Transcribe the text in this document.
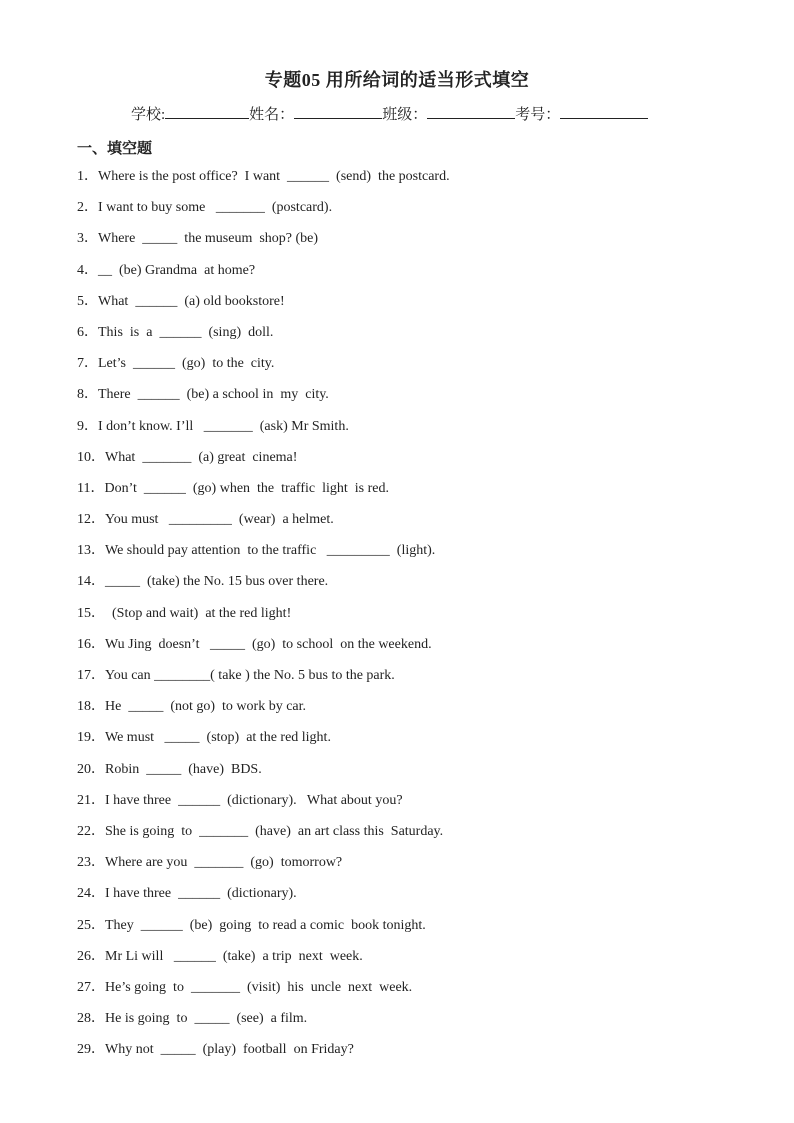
专题05 用所给词的适当形式填空
学校:	姓名：	班级：	考号：
一、填空题
1．Where is the post office?  I want  ______  (send)  the postcard.
2．I want to buy some   _______  (postcard).
3．Where  _____  the museum  shop? (be)
4．__  (be) Grandma  at home?
5．What  ______  (a) old bookstore!
6．This  is  a  ______  (sing)  doll.
7．Let’s  ______  (go)  to the  city.
8．There  ______  (be) a school in  my  city.
9．I don’t know. I’ll   _______  (ask) Mr Smith.
10．What  _______  (a) great  cinema!
11．Don’t  ______  (go) when  the  traffic  light  is red.
12．You must   _________  (wear)  a helmet.
13．We should pay attention  to the traffic   _________  (light).
14．_____  (take) the No. 15 bus over there.
15．  (Stop and wait)  at the red light!
16．Wu Jing  doesn’t   _____  (go)  to school  on the weekend.
17．You can ________( take ) the No. 5 bus to the park.
18．He  _____  (not go)  to work by car.
19．We must   _____  (stop)  at the red light.
20．Robin  _____  (have)  BDS.
21．I have three  ______  (dictionary).   What about you?
22．She is going  to  _______  (have)  an art class this  Saturday.
23．Where are you  _______  (go)  tomorrow?
24．I have three  ______  (dictionary).
25．They  ______  (be)  going  to read a comic  book tonight.
26．Mr Li will   ______  (take)  a trip  next  week.
27．He’s going  to  _______  (visit)  his  uncle  next  week.
28．He is going  to  _____  (see)  a film.
29．Why not  _____  (play)  football  on Friday?
